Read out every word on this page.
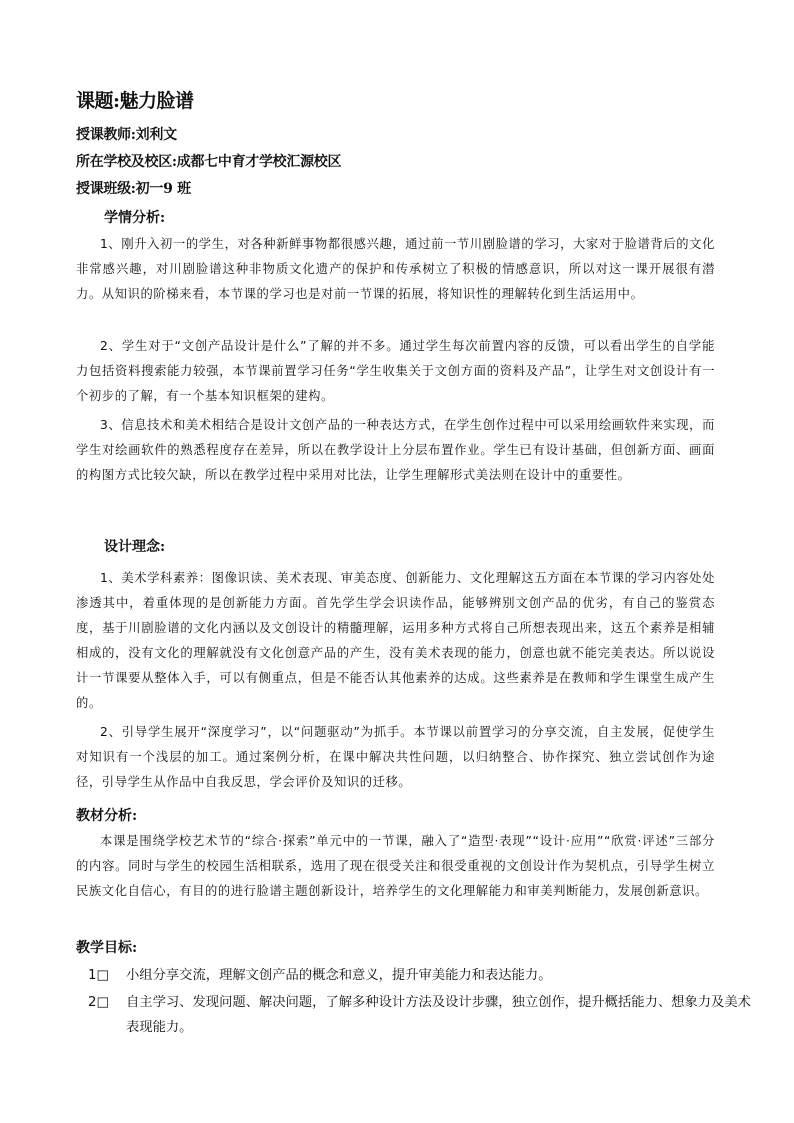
课题:魅力脸谱
授课教师:刘利文
所在学校及校区:成都七中育才学校汇源校区
授课班级:初一9 班
学情分析:

1、刚升入初一的学生，对各种新鲜事物都很感兴趣，通过前一节川剧脸谱的学习，大家对于脸谱背后的文化非常感兴趣，对川剧脸谱这种非物质文化遗产的保护和传承树立了积极的情感意识，所以对这一课开展很有潜力。从知识的阶梯来看，本节课的学习也是对前一节课的拓展，将知识性的理解转化到生活运用中。

2、学生对于“文创产品设计是什么”了解的并不多。通过学生每次前置内容的反馈，可以看出学生的自学能力包括资料搜索能力较强，本节课前置学习任务“学生收集关于文创方面的资料及产品”，让学生对文创设计有一个初步的了解，有一个基本知识框架的建构。

3、信息技术和美术相结合是设计文创产品的一种表达方式，在学生创作过程中可以采用绘画软件来实现，而学生对绘画软件的熟悉程度存在差异，所以在教学设计上分层布置作业。学生已有设计基础，但创新方面、画面的构图方式比较欠缺，所以在教学过程中采用对比法，让学生理解形式美法则在设计中的重要性。

设计理念:

1、美术学科素养：图像识读、美术表现、审美态度、创新能力、文化理解这五方面在本节课的学习内容处处渗透其中，着重体现的是创新能力方面。首先学生学会识读作品，能够辨别文创产品的优劣，有自己的鉴赏态度，基于川剧脸谱的文化内涵以及文创设计的精髓理解，运用多种方式将自己所想表现出来，这五个素养是相辅相成的，没有文化的理解就没有文化创意产品的产生，没有美术表现的能力，创意也就不能完美表达。所以说设计一节课要从整体入手，可以有侧重点，但是不能否认其他素养的达成。这些素养是在教师和学生课堂生成产生的。

2、引导学生展开“深度学习”，以“问题驱动”为抓手。本节课以前置学习的分享交流，自主发展，促使学生对知识有一个浅层的加工。通过案例分析，在课中解决共性问题，以归纳整合、协作探究、独立尝试创作为途径，引导学生从作品中自我反思，学会评价及知识的迁移。

教材分析:

本课是围绕学校艺术节的“综合·探索”单元中的一节课，融入了“造型·表现”“设计·应用”“欣赏·评述”三部分的内容。同时与学生的校园生活相联系，选用了现在很受关注和很受重视的文创设计作为契机点，引导学生树立民族文化自信心，有目的的进行脸谱主题创新设计，培养学生的文化理解能力和审美判断能力，发展创新意识。

教学目标:
1□ 小组分享交流，理解文创产品的概念和意义，提升审美能力和表达能力。
2□ 自主学习、发现问题、解决问题，了解多种设计方法及设计步骤，独立创作，提升概括能力、想象力及美术表现能力。
